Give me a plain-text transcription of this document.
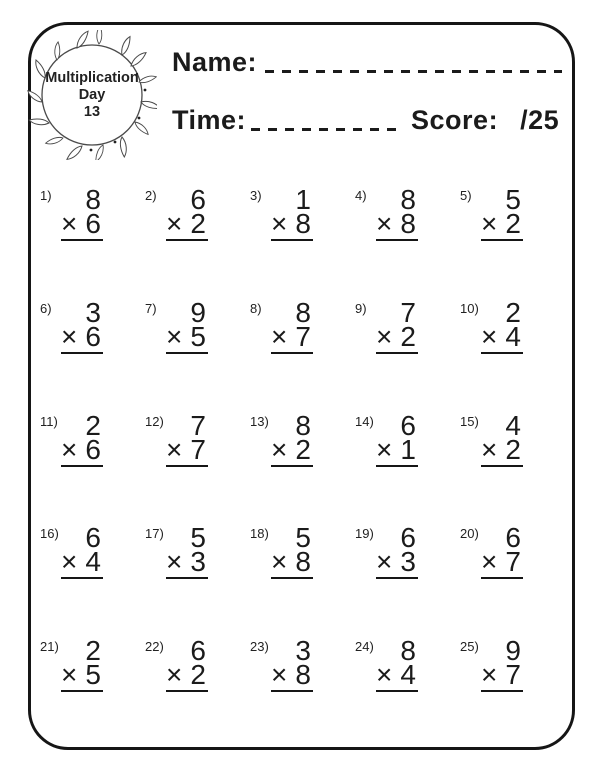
Multiplication
Day
13
Name:
Time:	Score: /25
1)	8
× 6
2)	6
× 2
3)	1
× 8
4)	8
× 8
5)	5
× 2
6)	3
× 6
7)	9
× 5
8)	8
× 7
9)	7
× 2
10) 2
× 4
11) 2
× 6
12) 7
× 7
13) 8
× 2
14) 6
× 1
15) 4
× 2
16) 6
× 4
17) 5
× 3
18) 5
× 8
19) 6
× 3
20) 6
× 7
21) 2
× 5
22) 6
× 2
23) 3
× 8
24) 8
× 4
25) 9
× 7
